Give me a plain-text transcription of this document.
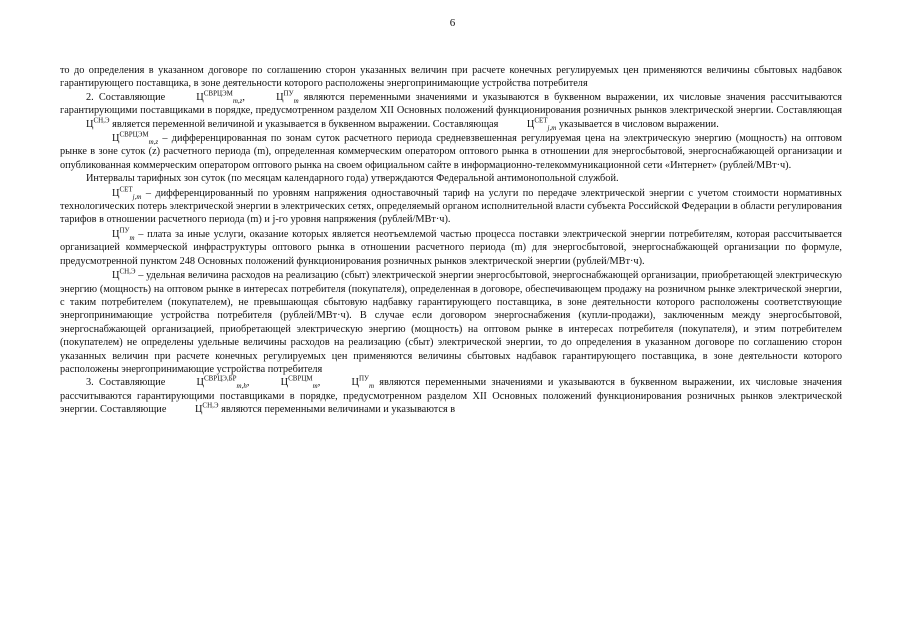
6

то до определения в указанном договоре по соглашению сторон указанных величин при расчете конечных регулируемых цен применяются величины сбытовых надбавок гарантирующего поставщика, в зоне деятельности которого расположены энергопринимающие устройства потребителя

2. Составляющие	$Ц^{СВРЦЭМ}_{m,z}$,	$Ц^{ПУ}_m$ являются переменными значениями и указываются в буквенном выражении, их числовые значения рассчитываются гарантирующими поставщиками в порядке, предусмотренном разделом XII Основных положений функционирования розничных рынков электрической энергии. Составляющая $Ц^{СН,Э}$ является переменной величиной и указывается в буквенном выражении. Составляющая	$Ц^{СЕТ}_{j,m}$ указывается в числовом выражении.

$Ц^{СВРЦЭМ}_{m,z}$ – дифференцированная по зонам суток расчетного периода средневзвешенная регулируемая цена на электрическую энергию (мощность) на оптовом рынке в зоне суток (z) расчетного периода (m), определенная коммерческим оператором оптового рынка в отношении для энергосбытовой, энергоснабжающей организации и опубликованная коммерческим оператором оптового рынка на своем официальном сайте в информационно-телекоммуникационной сети «Интернет» (рублей/МВт·ч).

Интервалы тарифных зон суток (по месяцам календарного года) утверждаются Федеральной антимонопольной службой.

$Ц^{СЕТ}_{j,m}$ – дифференцированный по уровням напряжения одноставочный тариф на услуги по передаче электрической энергии с учетом стоимости нормативных технологических потерь электрической энергии в электрических сетях, определяемый органом исполнительной власти субъекта Российской Федерации в области регулирования тарифов в отношении расчетного периода (m) и j-го уровня напряжения (рублей/МВт·ч).

$Ц^{ПУ}_m$ – плата за иные услуги, оказание которых является неотъемлемой частью процесса поставки электрической энергии потребителям, которая рассчитывается организацией коммерческой инфраструктуры оптового рынка в отношении расчетного периода (m) для энергосбытовой, энергоснабжающей организации по формуле, предусмотренной пунктом 248 Основных положений функционирования розничных рынков электрической энергии (рублей/МВт·ч).

$Ц^{СН,Э}$ – удельная величина расходов на реализацию (сбыт) электрической энергии энергосбытовой, энергоснабжающей организации, приобретающей электрическую энергию (мощность) на оптовом рынке в интересах потребителя (покупателя), определенная в договоре, обеспечивающем продажу на розничном рынке электрической энергии, с таким потребителем (покупателем), не превышающая сбытовую надбавку гарантирующего поставщика, в зоне деятельности которого расположены соответствующие энергопринимающие устройства потребителя (рублей/МВт·ч). В случае если договором энергоснабжения (купли-продажи), заключенным между энергосбытовой, энергоснабжающей организацией, приобретающей электрическую энергию (мощность) на оптовом рынке в интересах потребителя (покупателя), и этим потребителем (покупателем) не определены удельные величины расходов на реализацию (сбыт) электрической энергии, то до определения в указанном договоре по соглашению сторон указанных величин при расчете конечных регулируемых цен применяются величины сбытовых надбавок гарантирующего поставщика, в зоне деятельности которого расположены энергопринимающие устройства потребителя

3. Составляющие	$Ц^{СВРЦЭ,БР}_{m,h}$,	$Ц^{СВРЦМ}_m$,	$Ц^{ПУ}_m$ являются переменными значениями и указываются в буквенном выражении, их числовые значения рассчитываются гарантирующими поставщиками в порядке, предусмотренном разделом XII Основных положений функционирования розничных рынков электрической энергии. Составляющие	$Ц^{СН,Э}$ являются переменными величинами и указываются в
